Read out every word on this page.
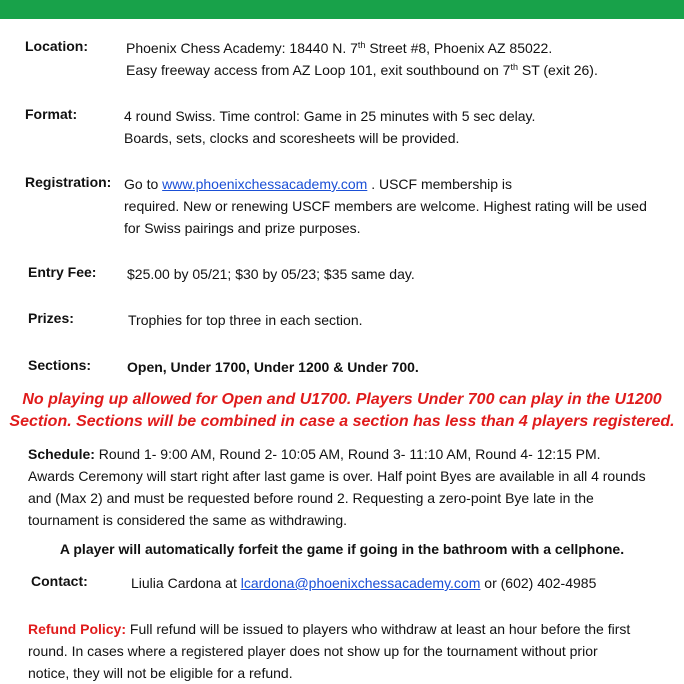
Location:	Phoenix Chess Academy: 18440 N. 7th Street #8, Phoenix AZ 85022.
Easy freeway access from AZ Loop 101, exit southbound on 7th ST (exit 26).
Format:	4 round Swiss. Time control: Game in 25 minutes with 5 sec delay.
Boards, sets, clocks and scoresheets will be provided.
Registration: Go to www.phoenixchessacademy.com . USCF membership is
required. New or renewing USCF members are welcome. Highest rating will be used
for Swiss pairings and prize purposes.
Entry Fee: $25.00 by 05/21; $30 by 05/23; $35 same day.
Prizes:	Trophies for top three in each section.
Sections:	Open, Under 1700, Under 1200 & Under 700.
No playing up allowed for Open and U1700. Players Under 700 can play in the U1200
Section. Sections will be combined in case a section has less than 4 players registered.
Schedule: Round 1- 9:00 AM, Round 2- 10:05 AM, Round 3- 11:10 AM, Round 4- 12:15 PM.
Awards Ceremony will start right after last game is over. Half point Byes are available in all 4 rounds
and (Max 2) and must be requested before round 2. Requesting a zero-point Bye late in the
tournament is considered the same as withdrawing.
A player will automatically forfeit the game if going in the bathroom with a cellphone.
Contact:	Liulia Cardona at lcardona@phoenixchessacademy.com or (602) 402-4985
Refund Policy: Full refund will be issued to players who withdraw at least an hour before the first
round. In cases where a registered player does not show up for the tournament without prior
notice, they will not be eligible for a refund.
